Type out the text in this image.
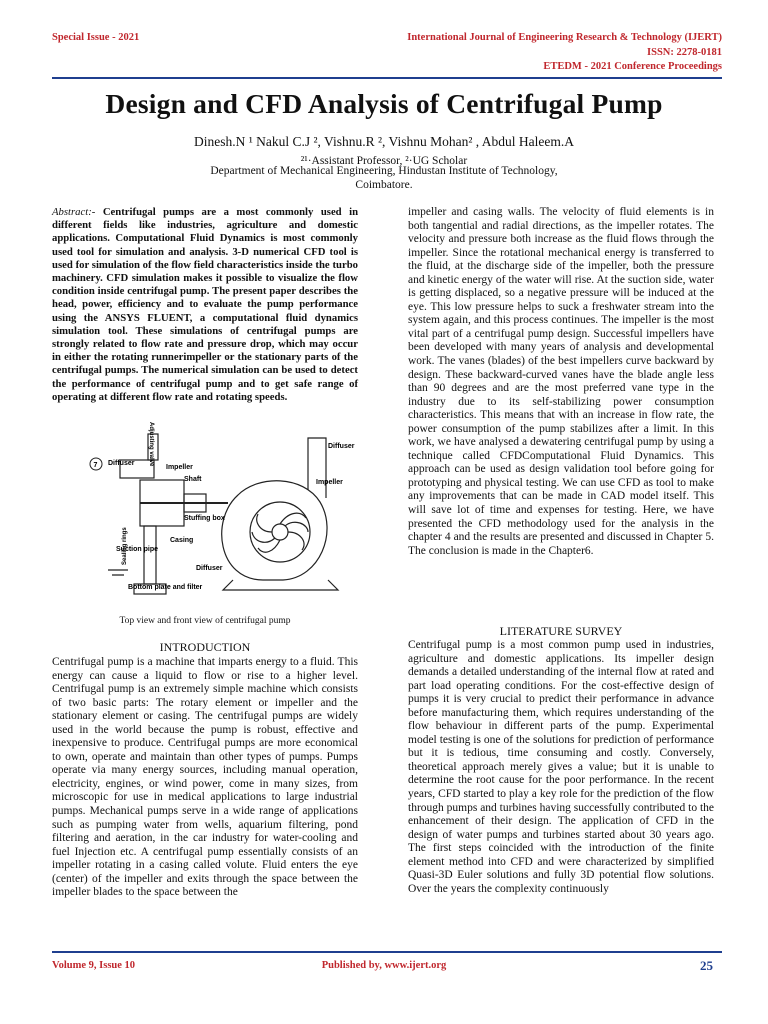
Special Issue - 2021	International Journal of Engineering Research & Technology (IJERT)
ISSN: 2278-0181
ETEDM - 2021 Conference Proceedings
Design and CFD Analysis of Centrifugal Pump
Dinesh.N ¹ Nakul C.J ², Vishnu.R ², Vishnu Mohan² , Abdul Haleem.A
²¹·Assistant Professor, ²·UG Scholar
Department of Mechanical Engineering, Hindustan Institute of Technology,
Coimbatore.
Abstract:- Centrifugal pumps are a most commonly used in different fields like industries, agriculture and domestic applications. Computational Fluid Dynamics is most commonly used tool for simulation and analysis. 3-D numerical CFD tool is used for simulation of the flow field characteristics inside the turbo machinery. CFD simulation makes it possible to visualize the flow condition inside centrifugal pump. The present paper describes the head, power, efficiency and to evaluate the pump performance using the ANSYS FLUENT, a computational fluid dynamics simulation tool. These simulations of centrifugal pumps are strongly related to flow rate and pressure drop, which may occur in either the rotating runnerimpeller or the stationary parts of the centrifugal pumps. The numerical simulation can be used to detect the performance of centrifugal pump and to get safe range of operating at different flow rate and rotating speeds.
Adjusting valve	Diffuser
7 Diffuser
Impeller
Shaft	Impeller
Stuffing box
Sealing rings	Casing
Suction pipe
Diffuser
Bottom plate and filter
Top view and front view of centrifugal pump
INTRODUCTION
Centrifugal pump is a machine that imparts energy to a fluid. This energy can cause a liquid to flow or rise to a higher level. Centrifugal pump is an extremely simple machine which consists of two basic parts: The rotary element or impeller and the stationary element or casing. The centrifugal pumps are widely used in the world because the pump is robust, effective and inexpensive to produce. Centrifugal pumps are more economical to own, operate and maintain than other types of pumps. Pumps operate via many energy sources, including manual operation, electricity, engines, or wind power, come in many sizes, from microscopic for use in medical applications to large industrial pumps. Mechanical pumps serve in a wide range of applications such as pumping water from wells, aquarium filtering, pond filtering and aeration, in the car industry for water-cooling and fuel Injection etc. A centrifugal pump essentially consists of an impeller rotating in a casing called volute. Fluid enters the eye (center) of the impeller and exits through the space between the impeller blades to the space between the
impeller and casing walls. The velocity of fluid elements is in both tangential and radial directions, as the impeller rotates. The velocity and pressure both increase as the fluid flows through the impeller. Since the rotational mechanical energy is transferred to the fluid, at the discharge side of the impeller, both the pressure and kinetic energy of the water will rise. At the suction side, water is getting displaced, so a negative pressure will be induced at the eye. This low pressure helps to suck a freshwater stream into the system again, and this process continues. The impeller is the most vital part of a centrifugal pump design. Successful impellers have been developed with many years of analysis and developmental work. The vanes (blades) of the best impellers curve backward by design. These backward-curved vanes have the blade angle less than 90 degrees and are the most preferred vane type in the industry due to its self-stabilizing power consumption characteristics. This means that with an increase in flow rate, the power consumption of the pump stabilizes after a limit. In this work, we have analysed a dewatering centrifugal pump by using a technique called CFDComputational Fluid Dynamics. This approach can be used as design validation tool before going for prototyping and physical testing. We can use CFD as tool to make any improvements that can be made in CAD model itself. This will save lot of time and expenses for testing. Here, we have presented the CFD methodology used for the analysis in the chapter 4 and the results are presented and discussed in Chapter 5. The conclusion is made in the Chapter6.
LITERATURE SURVEY
Centrifugal pump is a most common pump used in industries, agriculture and domestic applications. Its impeller design demands a detailed understanding of the internal flow at rated and part load operating conditions. For the cost-effective design of pumps it is very crucial to predict their performance in advance before manufacturing them, which requires understanding of the flow behaviour in different parts of the pump. Experimental model testing is one of the solutions for prediction of performance but it is tedious, time consuming and costly. Conversely, theoretical approach merely gives a value; but it is unable to determine the root cause for the poor performance. In the recent years, CFD started to play a key role for the prediction of the flow through pumps and turbines having successfully contributed to the enhancement of their design. The application of CFD in the design of water pumps and turbines started about 30 years ago. The first steps coincided with the introduction of the finite element method into CFD and were characterized by simplified Quasi-3D Euler solutions and fully 3D potential flow solutions. Over the years the complexity continuously
Volume 9, Issue 10	Published by, www.ijert.org	25
